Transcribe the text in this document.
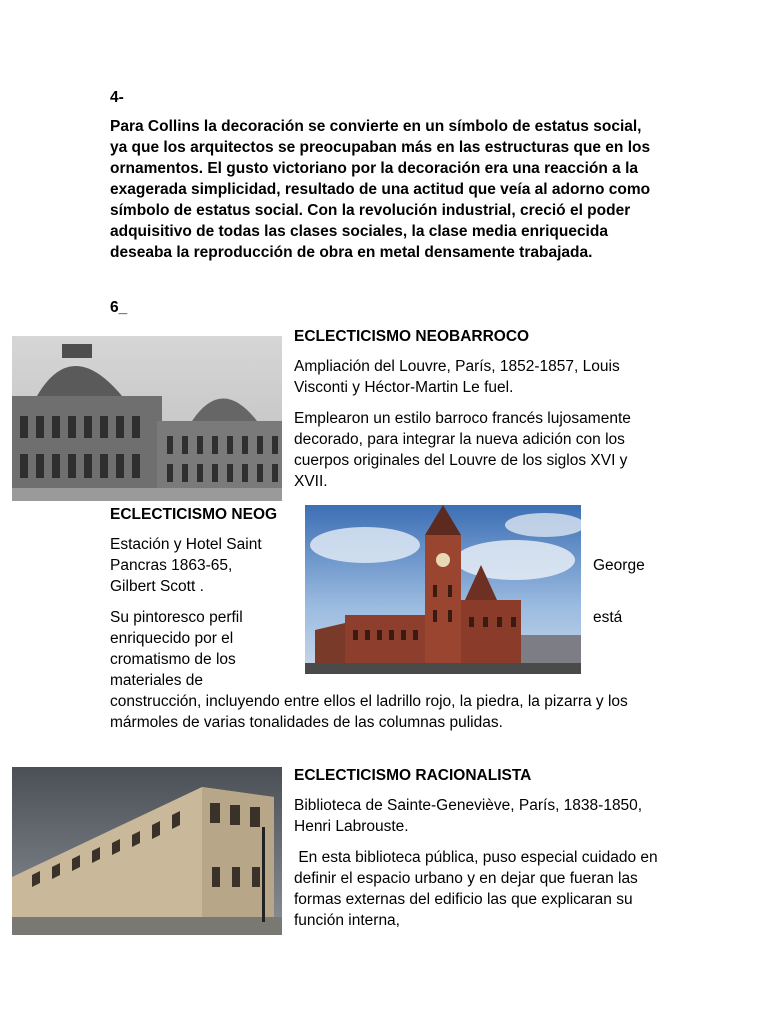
4-

Para Collins la decoración se convierte en un símbolo de estatus social, ya que los arquitectos se preocupaban más en las estructuras que en los ornamentos. El gusto victoriano por la decoración era una reacción a la exagerada simplicidad, resultado de una actitud que veía al adorno como símbolo de estatus social. Con la revolución industrial, creció el poder adquisitivo de todas las clases sociales, la clase media enriquecida deseaba la reproducción de obra en metal densamente trabajada.

6_
ECLECTICISMO NEOBARROCO

Ampliación del Louvre, París, 1852-1857, Louis Visconti y Héctor-Martin Le fuel.

Emplearon un estilo barroco francés lujosamente decorado, para integrar la nueva adición con los cuerpos originales del Louvre de los siglos XVI y XVII.

ECLECTICISMO NEOG
Estación y Hotel Saint Pancras 1863-65,	George
Gilbert Scott .
Su pintoresco perfil	está
enriquecido por el
cromatismo de los
materiales de

construcción, incluyendo entre ellos el ladrillo rojo, la piedra, la pizarra y los mármoles de varias tonalidades de las columnas pulidas.

ECLECTICISMO RACIONALISTA

Biblioteca de Sainte-Geneviève, París, 1838-1850, Henri Labrouste.

En esta biblioteca pública, puso especial cuidado en definir el espacio urbano y en dejar que fueran las formas externas del edificio las que explicaran su función interna,
